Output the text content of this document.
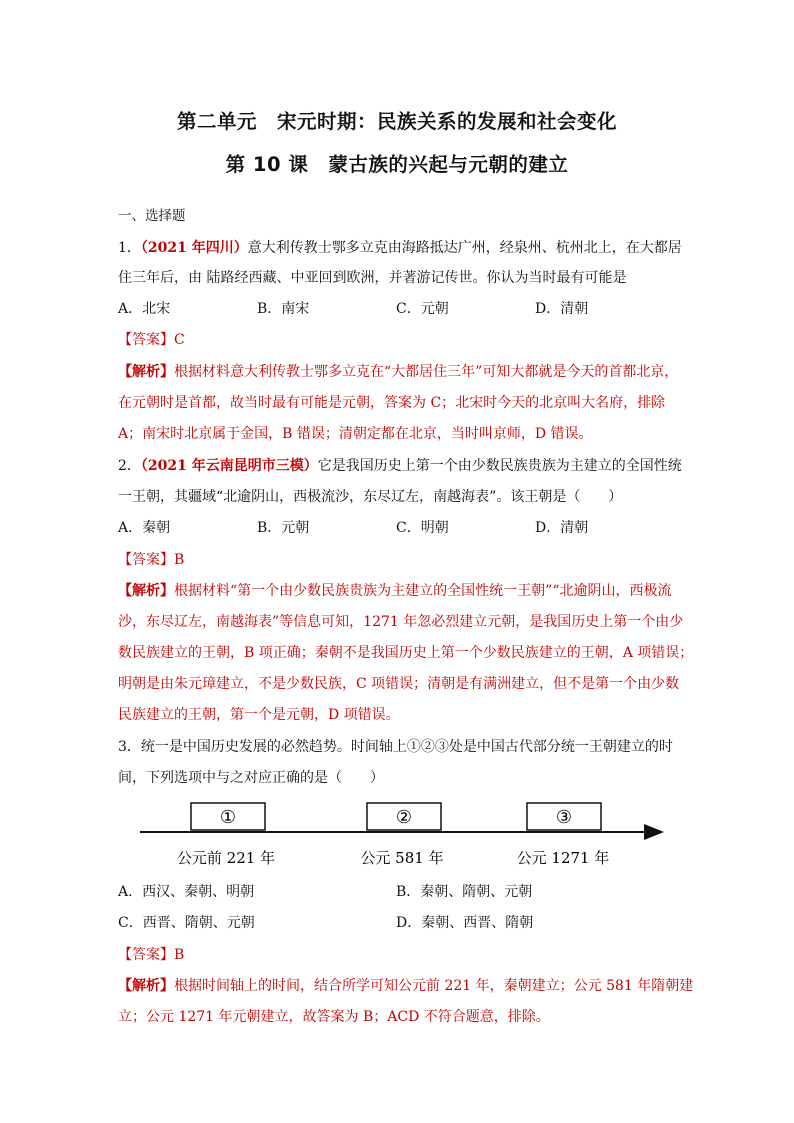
第二单元　宋元时期：民族关系的发展和社会变化
第 10 课　蒙古族的兴起与元朝的建立
一、选择题
1．（2021 年四川）意大利传教士鄂多立克由海路抵达广州，经泉州、杭州北上，在大都居
住三年后，由 陆路经西藏、中亚回到欧洲，并著游记传世。你认为当时最有可能是
A．北宋	B．南宋	C．元朝	D．清朝
【答案】C
【解析】根据材料意大利传教士鄂多立克在“大都居住三年”可知大都就是今天的首都北京，
在元朝时是首都，故当时最有可能是元朝，答案为 C；北宋时今天的北京叫大名府，排除
A；南宋时北京属于金国，B 错误；清朝定都在北京，当时叫京师，D 错误。
2．（2021 年云南昆明市三模）它是我国历史上第一个由少数民族贵族为主建立的全国性统
一王朝，其疆域“北逾阴山，西极流沙，东尽辽左，南越海表”。该王朝是（　　）
A．秦朝	B．元朝	C．明朝	D．清朝
【答案】B
【解析】根据材料“第一个由少数民族贵族为主建立的全国性统一王朝”“北逾阴山，西极流
沙，东尽辽左，南越海表”等信息可知，1271 年忽必烈建立元朝，是我国历史上第一个由少
数民族建立的王朝，B 项正确；秦朝不是我国历史上第一个少数民族建立的王朝，A 项错误；
明朝是由朱元璋建立，不是少数民族，C 项错误；清朝是有满洲建立，但不是第一个由少数
民族建立的王朝，第一个是元朝，D 项错误。
3．统一是中国历史发展的必然趋势。时间轴上①②③处是中国古代部分统一王朝建立的时
间，下列选项中与之对应正确的是（　　）
①	②	③
公元前 221 年	公元 581 年	公元 1271 年
A．西汉、秦朝、明朝	B．秦朝、隋朝、元朝
C．西晋、隋朝、元朝	D．秦朝、西晋、隋朝
【答案】B
【解析】根据时间轴上的时间，结合所学可知公元前 221 年，秦朝建立；公元 581 年隋朝建
立；公元 1271 年元朝建立，故答案为 B；ACD 不符合题意，排除。
